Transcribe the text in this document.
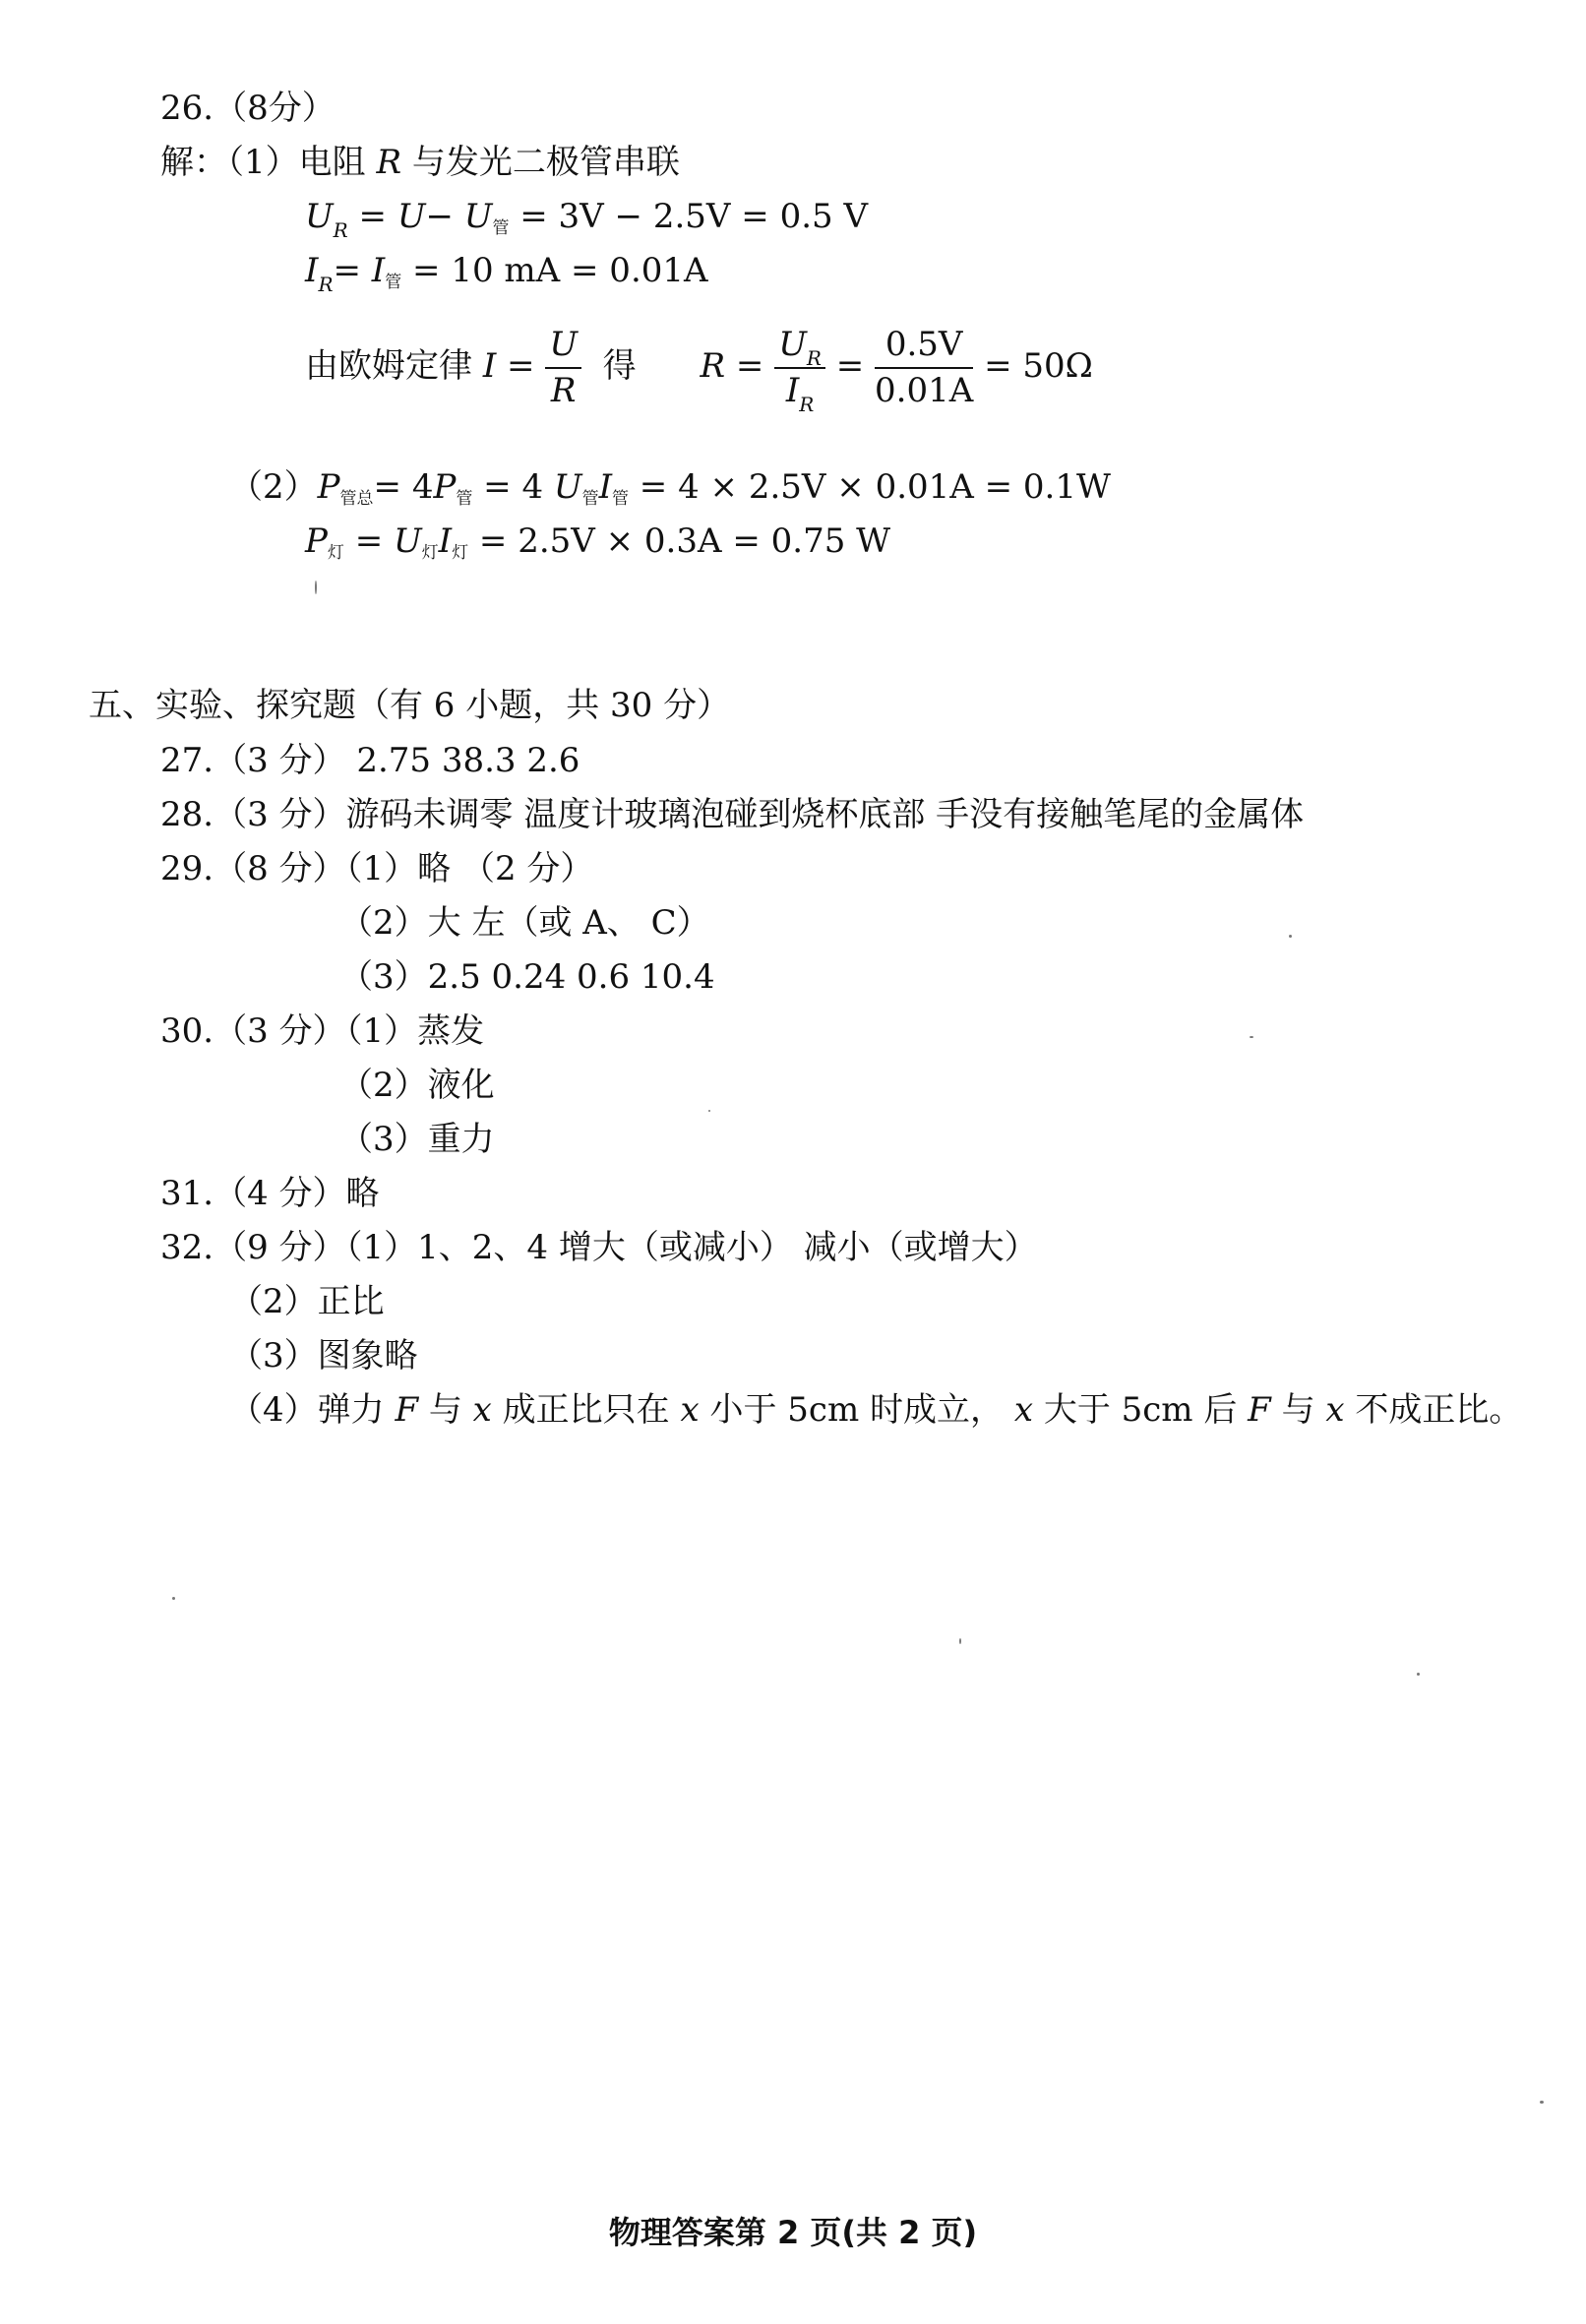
26.（8分）
解：（1）电阻 R 与发光二极管串联
$U_R = U- U$管 = 3V − 2.5V = 0.5 V
$I_R= I$管 = 10 mA = 0.01A
由欧姆定律 $I = \frac{U}{R}$ 得 $R = \frac{U_R}{I_R} = \frac{0.5V}{0.01A} = 50\Omega$
（2）P管总= 4P管 = 4 U管I管 = 4 × 2.5V × 0.01A = 0.1W
P灯 = U灯I灯 = 2.5V × 0.3A = 0.75 W
五、实验、探究题（有 6 小题，共 30 分）
27.（3 分） 2.75 38.3 2.6
28.（3 分）游码未调零 温度计玻璃泡碰到烧杯底部 手没有接触笔尾的金属体
29.（8 分）（1）略 （2 分）
（2）大 左（或 A、 C）
（3）2.5 0.24 0.6 10.4
30.（3 分）（1）蒸发
（2）液化
（3）重力
31.（4 分）略
32.（9 分）（1）1、2、4 增大（或减小） 减小（或增大）
（2）正比
（3）图象略
（4）弹力 F 与 x 成正比只在 x 小于 5cm 时成立， x 大于 5cm 后 F 与 x 不成正比。
物理答案第 2 页(共 2 页)
